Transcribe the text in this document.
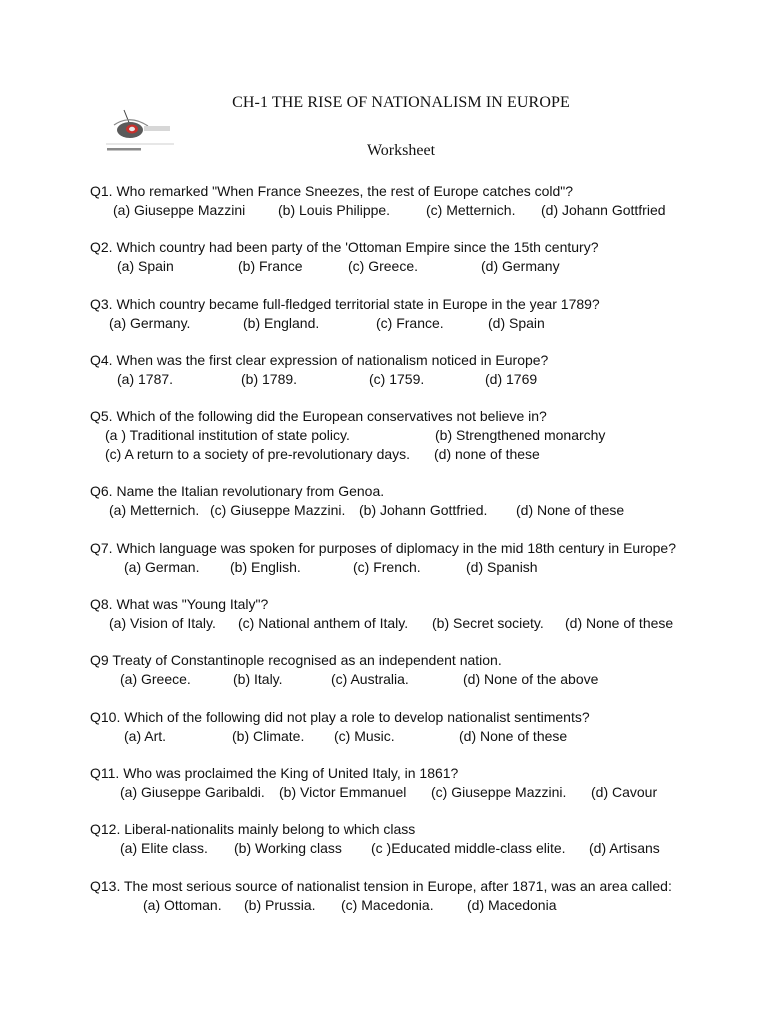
CH-1 THE RISE OF NATIONALISM IN EUROPE
Worksheet
Q1. Who remarked "When France Sneezes, the rest of Europe catches cold"?
(a) Giuseppe Mazzini (b) Louis Philippe.	(c) Metternich. (d) Johann Gottfried
Q2. Which country had been party of the 'Ottoman Empire since the 15th century?
(a) Spain	(b) France	(c) Greece.	(d) Germany
Q3. Which country became full-fledged territorial state in Europe in the year 1789?
(a) Germany.	(b) England.	(c) France.	(d) Spain
Q4. When was the first clear expression of nationalism noticed in Europe?
(a) 1787.	(b) 1789.	(c) 1759.	(d) 1769
Q5. Which of the following did the European conservatives not believe in?
(a ) Traditional institution of state policy.	(b) Strengthened monarchy
(c) A return to a society of pre-revolutionary days. (d) none of these
Q6. Name the Italian revolutionary from Genoa.
(a) Metternich. (c) Giuseppe Mazzini. (b) Johann Gottfried. (d) None of these
Q7. Which language was spoken for purposes of diplomacy in the mid 18th century in Europe?
(a) German. (b) English.	(c) French.	(d) Spanish
Q8. What was "Young Italy"?
(a) Vision of Italy. (c) National anthem of Italy. (b) Secret society. (d) None of these
Q9 Treaty of Constantinople recognised as an independent nation.
(a) Greece.	(b) Italy.	(c) Australia.	(d) None of the above
Q10. Which of the following did not play a role to develop nationalist sentiments?
(a) Art.	(b) Climate. (c) Music.	(d) None of these
Q11. Who was proclaimed the King of United Italy, in 1861?
(a) Giuseppe Garibaldi. (b) Victor Emmanuel (c) Giuseppe Mazzini. (d) Cavour
Q12. Liberal-nationalits mainly belong to which class
(a) Elite class. (b) Working class (c )Educated middle-class elite. (d) Artisans
Q13. The most serious source of nationalist tension in Europe, after 1871, was an area called:
(a) Ottoman. (b) Prussia. (c) Macedonia. (d) Macedonia
